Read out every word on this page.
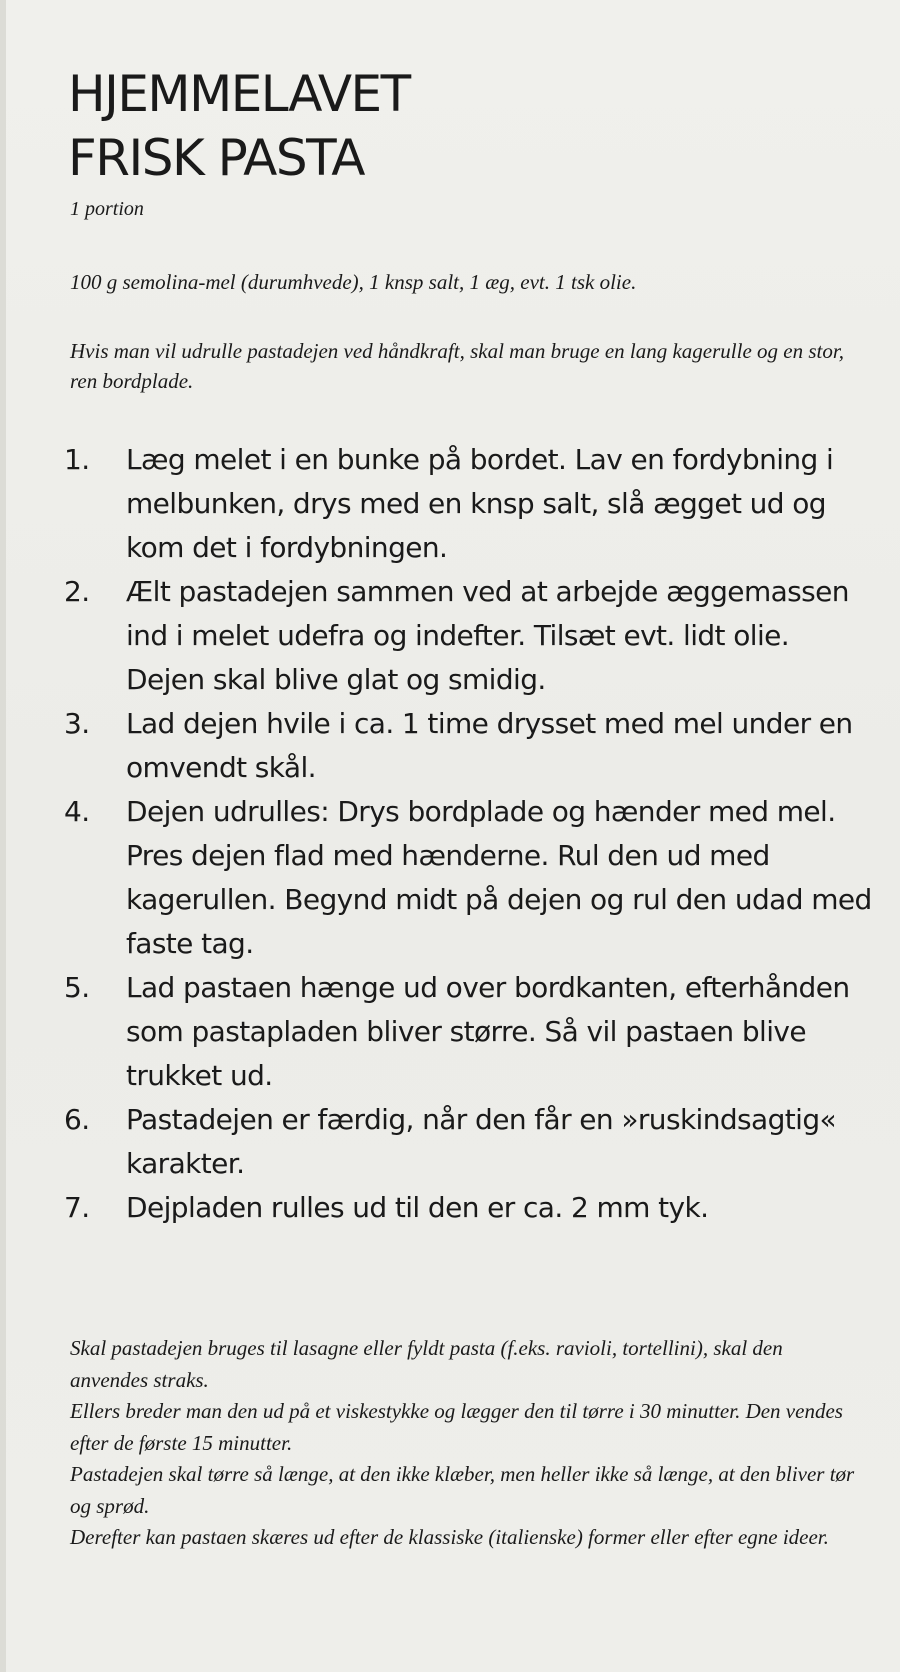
HJEMMELAVET
FRISK PASTA
1 portion
100 g semolina-mel (durumhvede), 1 knsp salt, 1 æg, evt. 1 tsk olie.
Hvis man vil udrulle pastadejen ved håndkraft, skal man bruge en lang kagerulle og en stor, ren bordplade.
1.	Læg melet i en bunke på bordet. Lav en fordybning i melbunken, drys med en knsp salt, slå ægget ud og kom det i fordybningen.
2.	Ælt pastadejen sammen ved at arbejde æggemassen ind i melet udefra og indefter. Tilsæt evt. lidt olie. Dejen skal blive glat og smidig.
3.	Lad dejen hvile i ca. 1 time drysset med mel under en omvendt skål.
4.	Dejen udrulles: Drys bordplade og hænder med mel. Pres dejen flad med hænderne. Rul den ud med kagerullen. Begynd midt på dejen og rul den udad med faste tag.
5.	Lad pastaen hænge ud over bordkanten, efterhånden som pastapladen bliver større. Så vil pastaen blive trukket ud.
6.	Pastadejen er færdig, når den får en »ruskindsagtig« karakter.
7.	Dejpladen rulles ud til den er ca. 2 mm tyk.

Skal pastadejen bruges til lasagne eller fyldt pasta (f.eks. ravioli, tortellini), skal den anvendes straks.

Ellers breder man den ud på et viskestykke og lægger den til tørre i 30 minutter. Den vendes efter de første 15 minutter.

Pastadejen skal tørre så længe, at den ikke klæber, men heller ikke så længe, at den bliver tør og sprød.

Derefter kan pastaen skæres ud efter de klassiske (italienske) former eller efter egne ideer.
